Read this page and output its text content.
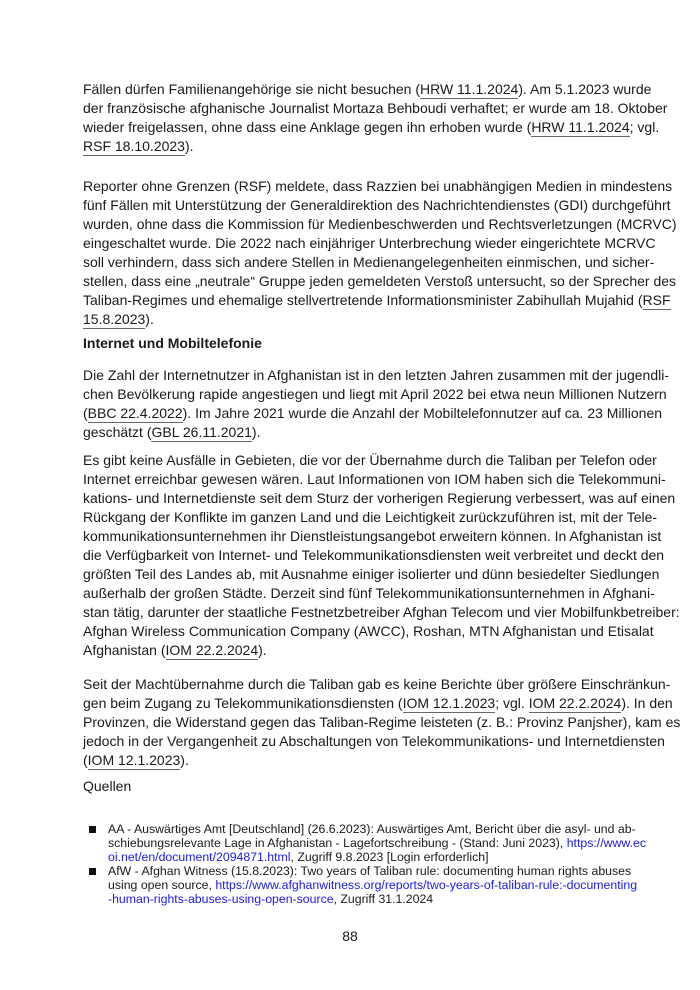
Fällen dürfen Familienangehörige sie nicht besuchen (HRW 11.1.2024). Am 5.1.2023 wurde
der französische afghanische Journalist Mortaza Behboudi verhaftet; er wurde am 18. Oktober
wieder freigelassen, ohne dass eine Anklage gegen ihn erhoben wurde (HRW 11.1.2024; vgl.
RSF 18.10.2023).
Reporter ohne Grenzen (RSF) meldete, dass Razzien bei unabhängigen Medien in mindestens
fünf Fällen mit Unterstützung der Generaldirektion des Nachrichtendienstes (GDI) durchgeführt
wurden, ohne dass die Kommission für Medienbeschwerden und Rechtsverletzungen (MCRVC)
eingeschaltet wurde. Die 2022 nach einjähriger Unterbrechung wieder eingerichtete MCRVC
soll verhindern, dass sich andere Stellen in Medienangelegenheiten einmischen, und sicher-
stellen, dass eine „neutrale“ Gruppe jeden gemeldeten Verstoß untersucht, so der Sprecher des
Taliban-Regimes und ehemalige stellvertretende Informationsminister Zabihullah Mujahid (RSF
15.8.2023).
Internet und Mobiltelefonie
Die Zahl der Internetnutzer in Afghanistan ist in den letzten Jahren zusammen mit der jugendli-
chen Bevölkerung rapide angestiegen und liegt mit April 2022 bei etwa neun Millionen Nutzern
(BBC 22.4.2022). Im Jahre 2021 wurde die Anzahl der Mobiltelefonnutzer auf ca. 23 Millionen
geschätzt (GBL 26.11.2021).
Es gibt keine Ausfälle in Gebieten, die vor der Übernahme durch die Taliban per Telefon oder
Internet erreichbar gewesen wären. Laut Informationen von IOM haben sich die Telekommuni-
kations- und Internetdienste seit dem Sturz der vorherigen Regierung verbessert, was auf einen
Rückgang der Konflikte im ganzen Land und die Leichtigkeit zurückzuführen ist, mit der Tele-
kommunikationsunternehmen ihr Dienstleistungsangebot erweitern können. In Afghanistan ist
die Verfügbarkeit von Internet- und Telekommunikationsdiensten weit verbreitet und deckt den
größten Teil des Landes ab, mit Ausnahme einiger isolierter und dünn besiedelter Siedlungen
außerhalb der großen Städte. Derzeit sind fünf Telekommunikationsunternehmen in Afghani-
stan tätig, darunter der staatliche Festnetzbetreiber Afghan Telecom und vier Mobilfunkbetreiber:
Afghan Wireless Communication Company (AWCC), Roshan, MTN Afghanistan und Etisalat
Afghanistan (IOM 22.2.2024).
Seit der Machtübernahme durch die Taliban gab es keine Berichte über größere Einschränkun-
gen beim Zugang zu Telekommunikationsdiensten (IOM 12.1.2023; vgl. IOM 22.2.2024). In den
Provinzen, die Widerstand gegen das Taliban-Regime leisteten (z. B.: Provinz Panjsher), kam es
jedoch in der Vergangenheit zu Abschaltungen von Telekommunikations- und Internetdiensten
(IOM 12.1.2023).
Quellen
AA - Auswärtiges Amt [Deutschland] (26.6.2023): Auswärtiges Amt, Bericht über die asyl- und ab-
schiebungsrelevante Lage in Afghanistan - Lagefortschreibung - (Stand: Juni 2023), https://www.ec
oi.net/en/document/2094871.html, Zugriff 9.8.2023 [Login erforderlich]
AfW - Afghan Witness (15.8.2023): Two years of Taliban rule: documenting human rights abuses
using open source, https://www.afghanwitness.org/reports/two-years-of-taliban-rule:-documenting
-human-rights-abuses-using-open-source, Zugriff 31.1.2024
88
